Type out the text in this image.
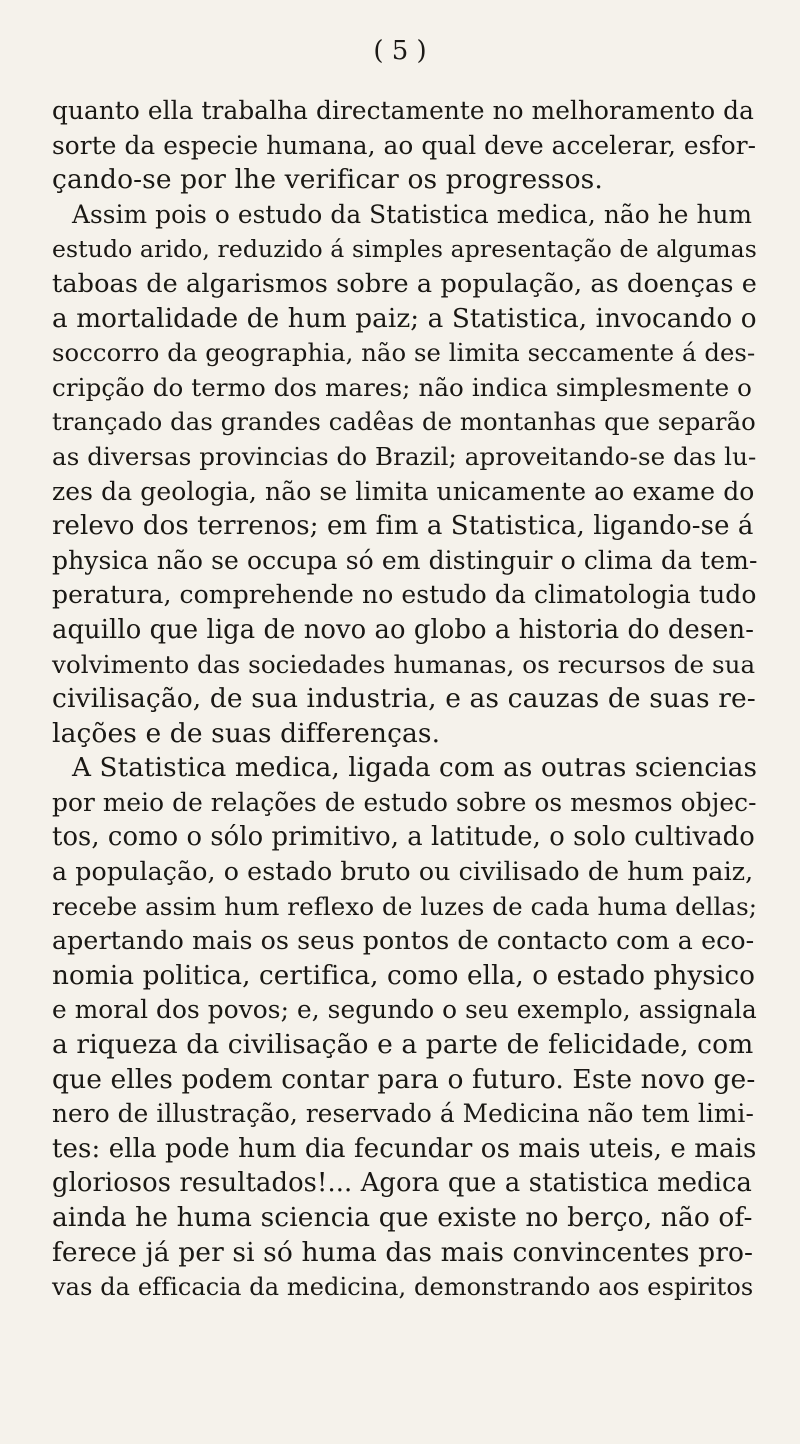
( 5 )
quanto ella trabalha directamente no melhoramento da
sorte da especie humana, ao qual deve accelerar, esfor-
çando-se por lhe verificar os progressos.
Assim pois o estudo da Statistica medica, não he hum
estudo arido, reduzido á simples apresentação de algumas
taboas de algarismos sobre a população, as doenças e
a mortalidade de hum paiz; a Statistica, invocando o
soccorro da geographia, não se limita seccamente á des-
cripção do termo dos mares; não indica simplesmente o
trançado das grandes cadêas de montanhas que separão
as diversas provincias do Brazil; aproveitando-se das lu-
zes da geologia, não se limita unicamente ao exame do
relevo dos terrenos; em fim a Statistica, ligando-se á
physica não se occupa só em distinguir o clima da tem-
peratura, comprehende no estudo da climatologia tudo
aquillo que liga de novo ao globo a historia do desen-
volvimento das sociedades humanas, os recursos de sua
civilisação, de sua industria, e as cauzas de suas re-
lações e de suas differenças.
A Statistica medica, ligada com as outras sciencias
por meio de relações de estudo sobre os mesmos objec-
tos, como o sólo primitivo, a latitude, o solo cultivado
a população, o estado bruto ou civilisado de hum paiz,
recebe assim hum reflexo de luzes de cada huma dellas;
apertando mais os seus pontos de contacto com a eco-
nomia politica, certifica, como ella, o estado physico
e moral dos povos; e, segundo o seu exemplo, assignala
a riqueza da civilisação e a parte de felicidade, com
que elles podem contar para o futuro. Este novo ge-
nero de illustração, reservado á Medicina não tem limi-
tes: ella pode hum dia fecundar os mais uteis, e mais
gloriosos resultados!... Agora que a statistica medica
ainda he huma sciencia que existe no berço, não of-
ferece já per si só huma das mais convincentes pro-
vas da efficacia da medicina, demonstrando aos espiritos
